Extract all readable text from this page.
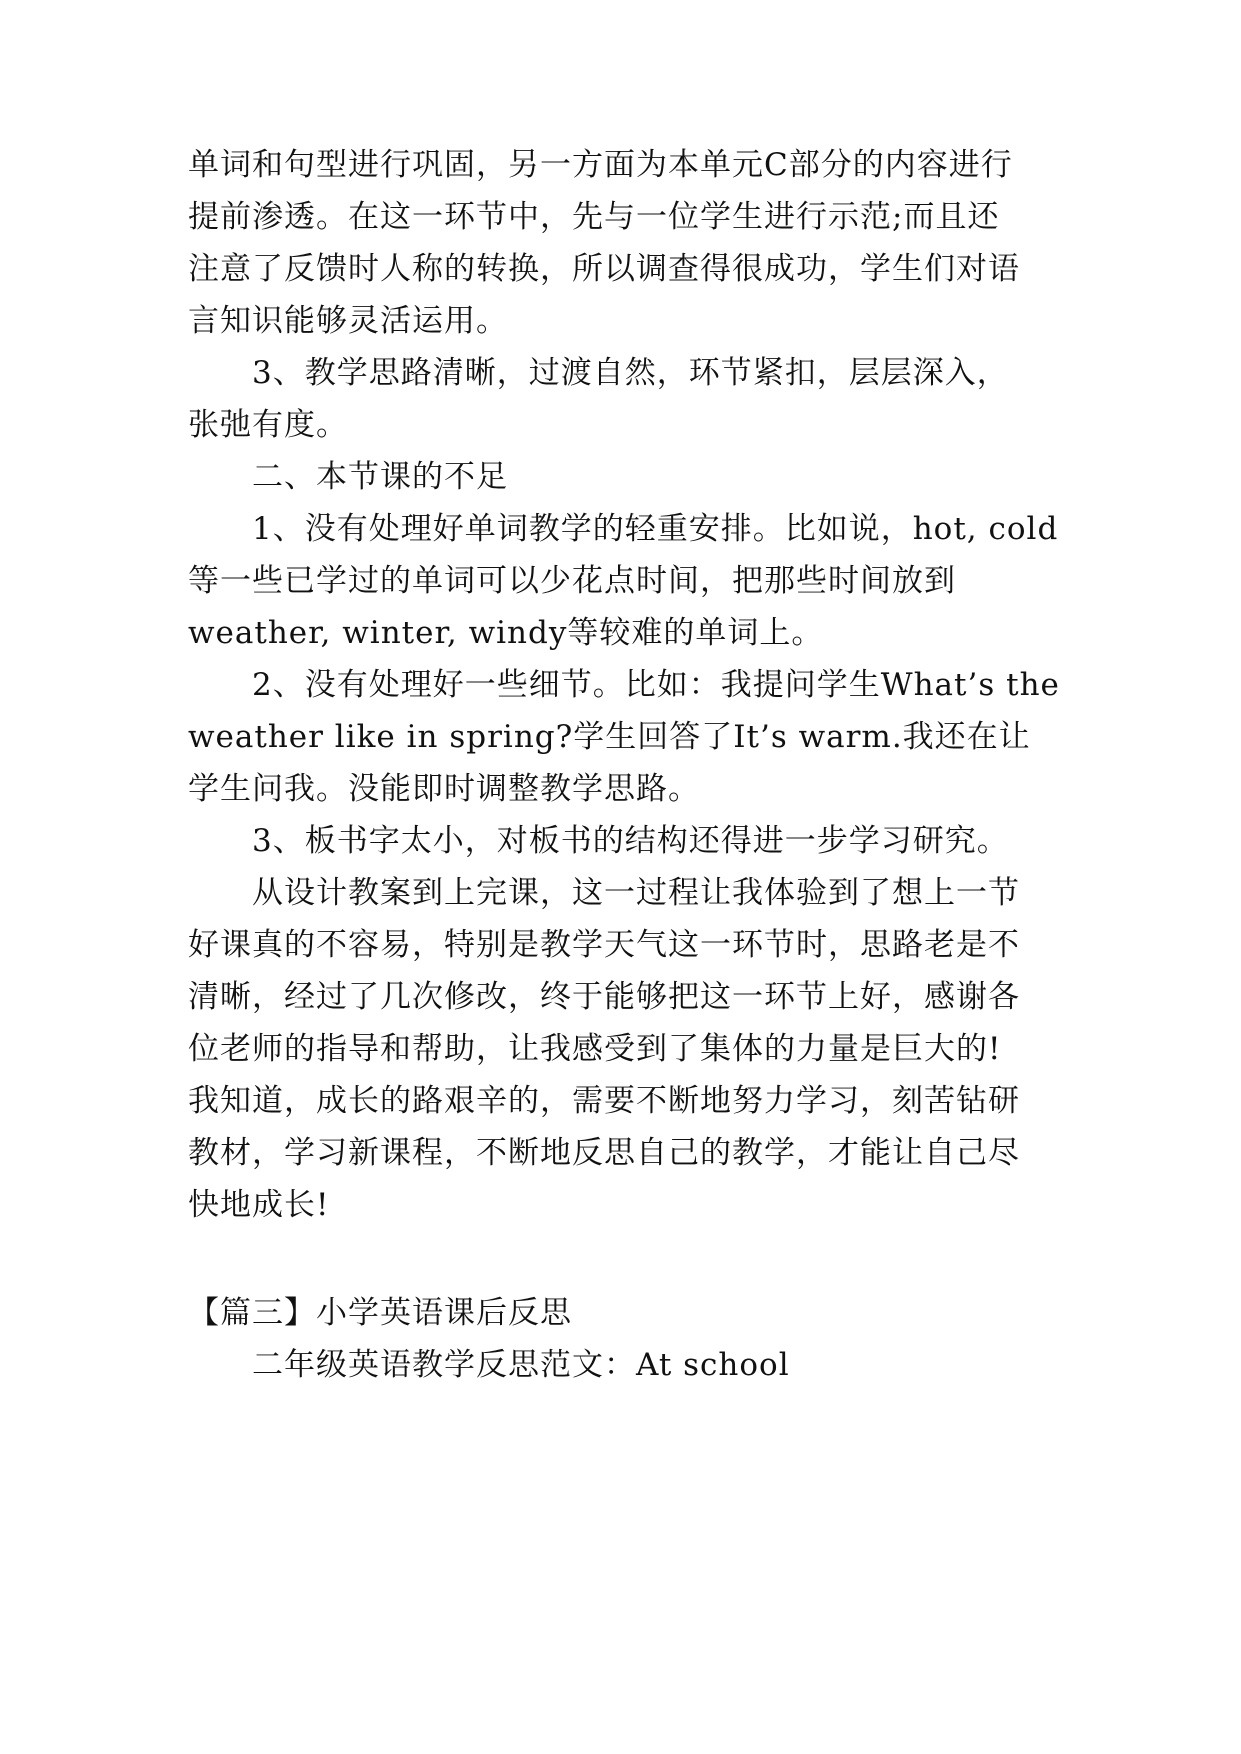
单词和句型进行巩固，另一方面为本单元C部分的内容进行
提前渗透。在这一环节中，先与一位学生进行示范;而且还
注意了反馈时人称的转换，所以调查得很成功，学生们对语
言知识能够灵活运用。
3、教学思路清晰，过渡自然，环节紧扣，层层深入，
张弛有度。
二、本节课的不足
1、没有处理好单词教学的轻重安排。比如说，hot, cold
等一些已学过的单词可以少花点时间，把那些时间放到
weather, winter, windy等较难的单词上。
2、没有处理好一些细节。比如：我提问学生What’s the
weather like in spring?学生回答了It’s warm.我还在让
学生问我。没能即时调整教学思路。
3、板书字太小，对板书的结构还得进一步学习研究。
从设计教案到上完课，这一过程让我体验到了想上一节
好课真的不容易，特别是教学天气这一环节时，思路老是不
清晰，经过了几次修改，终于能够把这一环节上好，感谢各
位老师的指导和帮助，让我感受到了集体的力量是巨大的!
我知道，成长的路艰辛的，需要不断地努力学习，刻苦钻研
教材，学习新课程，不断地反思自己的教学，才能让自己尽
快地成长!
【篇三】小学英语课后反思
二年级英语教学反思范文：At school
